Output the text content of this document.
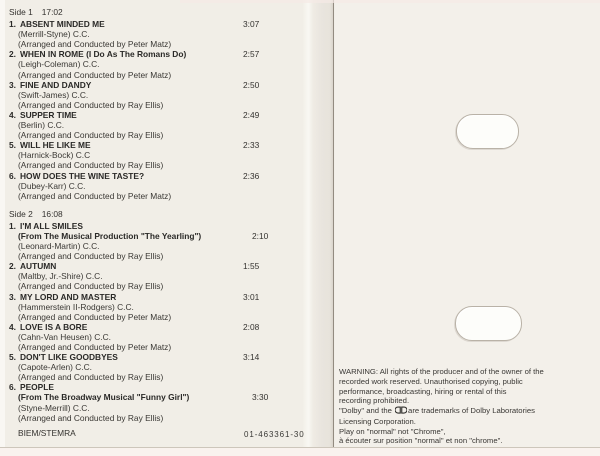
Side 1 17:02
1. ABSENT MINDED ME	3:07
(Merrill-Styne) C.C.
(Arranged and Conducted by Peter Matz)
2. WHEN IN ROME (I Do As The Romans Do)	2:57
(Leigh-Coleman) C.C.
(Arranged and Conducted by Peter Matz)
3. FINE AND DANDY	2:50
(Swift-James) C.C.
(Arranged and Conducted by Ray Ellis)
4. SUPPER TIME	2:49
(Berlin) C.C.
(Arranged and Conducted by Ray Ellis)
5. WILL HE LIKE ME	2:33
(Harnick-Bock) C.C
(Arranged and Conducted by Ray Ellis)
6. HOW DOES THE WINE TASTE?	2:36
(Dubey-Karr) C.C.
(Arranged and Conducted by Peter Matz)
Side 2 16:08
1. I'M ALL SMILES
(From The Musical Production "The Yearling")	2:10
(Leonard-Martin) C.C.
(Arranged and Conducted by Ray Ellis)
2. AUTUMN	1:55
(Maltby, Jr.-Shire) C.C.
(Arranged and Conducted by Ray Ellis)
3. MY LORD AND MASTER	3:01
(Hammerstein II-Rodgers) C.C.
(Arranged and Conducted by Peter Matz)
4. LOVE IS A BORE	2:08
(Cahn-Van Heusen) C.C.
(Arranged and Conducted by Peter Matz)
5. DON'T LIKE GOODBYES	3:14
(Capote-Arlen) C.C.
(Arranged and Conducted by Ray Ellis)
6. PEOPLE
(From The Broadway Musical "Funny Girl")	3:30
(Styne-Merrill) C.C.
(Arranged and Conducted by Ray Ellis)
BIEM/STEMRA	01-463361-30
WARNING: All rights of the producer and of the owner of the
recorded work reserved. Unauthorised copying, public
performance, broadcasting, hiring or rental of this
recording prohibited.
"Dolby" and the are trademarks of Dolby Laboratories
Licensing Corporation.
Play on "normal" not "Chrome",
à écouter sur position "normal" et non "chrome".
